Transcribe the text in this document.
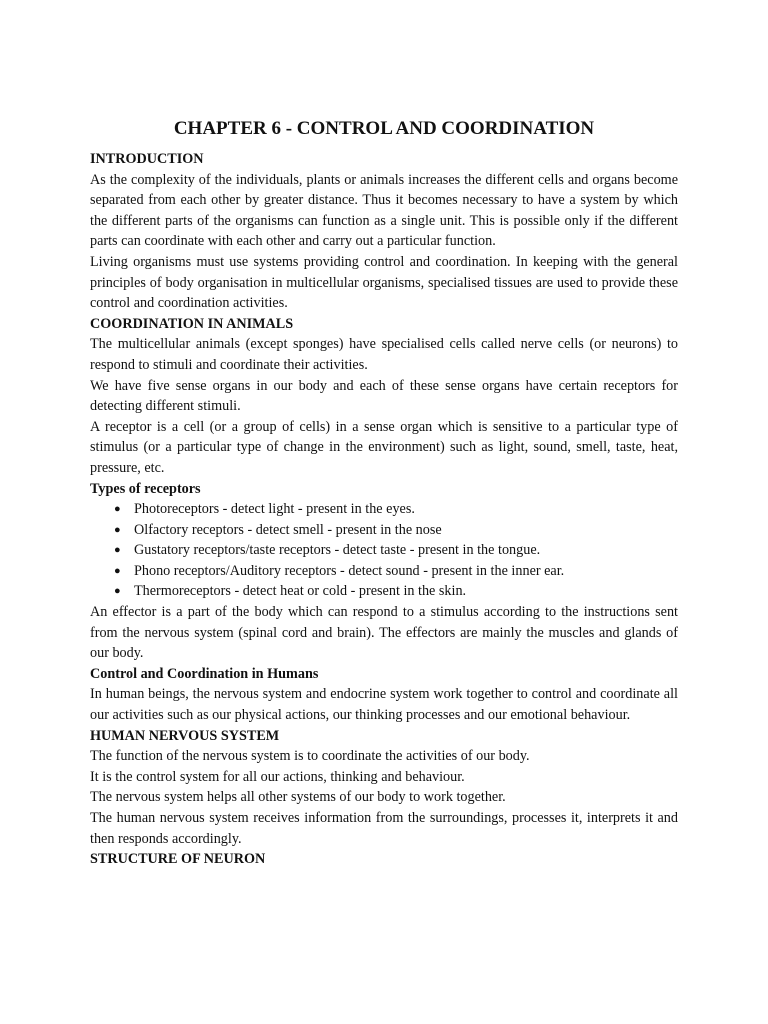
CHAPTER 6 - CONTROL AND COORDINATION

INTRODUCTION

As the complexity of the individuals, plants or animals increases the different cells and organs become separated from each other by greater distance. Thus it becomes necessary to have a system by which the different parts of the organisms can function as a single unit. This is possible only if the different parts can coordinate with each other and carry out a particular function.

Living organisms must use systems providing control and coordination. In keeping with the general principles of body organisation in multicellular organisms, specialised tissues are used to provide these control and coordination activities.

COORDINATION IN ANIMALS

The multicellular animals (except sponges) have specialised cells called nerve cells (or neurons) to respond to stimuli and coordinate their activities.

We have five sense organs in our body and each of these sense organs have certain receptors for detecting different stimuli.

A receptor is a cell (or a group of cells) in a sense organ which is sensitive to a particular type of stimulus (or a particular type of change in the environment) such as light, sound, smell, taste, heat, pressure, etc.

Types of receptors

● Photoreceptors - detect light - present in the eyes.
● Olfactory receptors - detect smell - present in the nose
● Gustatory receptors/taste receptors - detect taste - present in the tongue.
● Phono receptors/Auditory receptors - detect sound - present in the inner ear.
● Thermoreceptors - detect heat or cold - present in the skin.

An effector is a part of the body which can respond to a stimulus according to the instructions sent from the nervous system (spinal cord and brain). The effectors are mainly the muscles and glands of our body.

Control and Coordination in Humans

In human beings, the nervous system and endocrine system work together to control and coordinate all our activities such as our physical actions, our thinking processes and our emotional behaviour.

HUMAN NERVOUS SYSTEM

The function of the nervous system is to coordinate the activities of our body.

It is the control system for all our actions, thinking and behaviour.

The nervous system helps all other systems of our body to work together.

The human nervous system receives information from the surroundings, processes it, interprets it and then responds accordingly.

STRUCTURE OF NEURON
